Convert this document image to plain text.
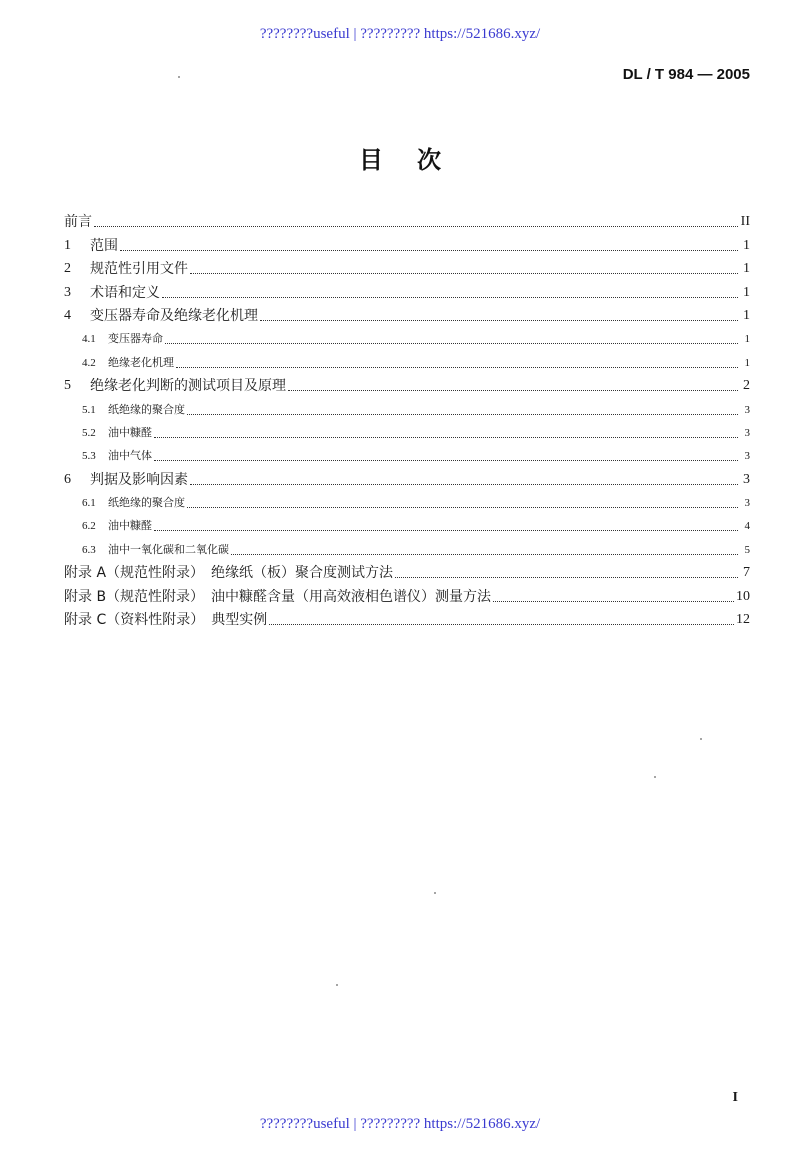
????????useful | ????????? https://521686.xyz/
DL / T 984 — 2005
目次
前言	II
1	范围	1
2	规范性引用文件	1
3	术语和定义	1
4	变压器寿命及绝缘老化机理	1
4.1	变压器寿命	1
4.2	绝缘老化机理	1
5	绝缘老化判断的测试项目及原理	2
5.1	纸绝缘的聚合度	3
5.2	油中糠醛	3
5.3	油中气体	3
6	判据及影响因素	3
6.1	纸绝缘的聚合度	3
6.2	油中糠醛	4
6.3	油中一氧化碳和二氧化碳	5
附录 A（规范性附录）　绝缘纸（板）聚合度测试方法	7
附录 B（规范性附录）　油中糠醛含量（用高效液相色谱仪）测量方法	10
附录 C（资料性附录）　典型实例	12
I
????????useful | ????????? https://521686.xyz/
